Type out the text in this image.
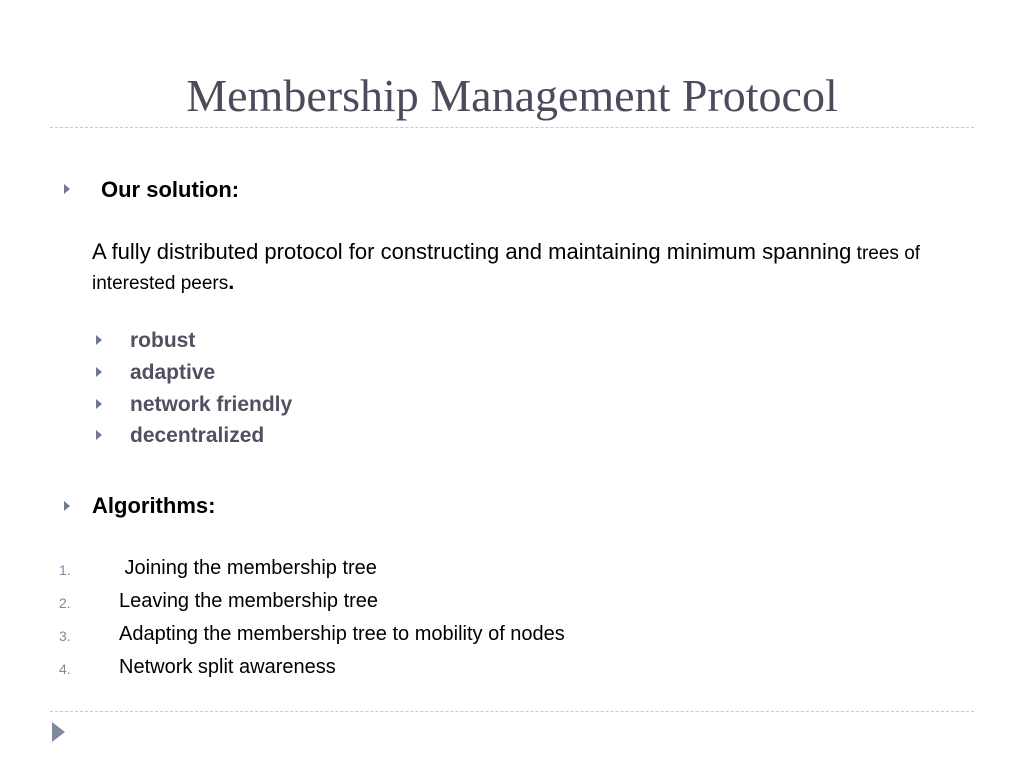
Membership Management Protocol
Our solution:
A fully distributed protocol for constructing and maintaining minimum spanning trees of interested peers.
robust
adaptive
network friendly
decentralized
Algorithms:
1. Joining the membership tree
2. Leaving the membership tree
3. Adapting the membership tree to mobility of nodes
4. Network split awareness
